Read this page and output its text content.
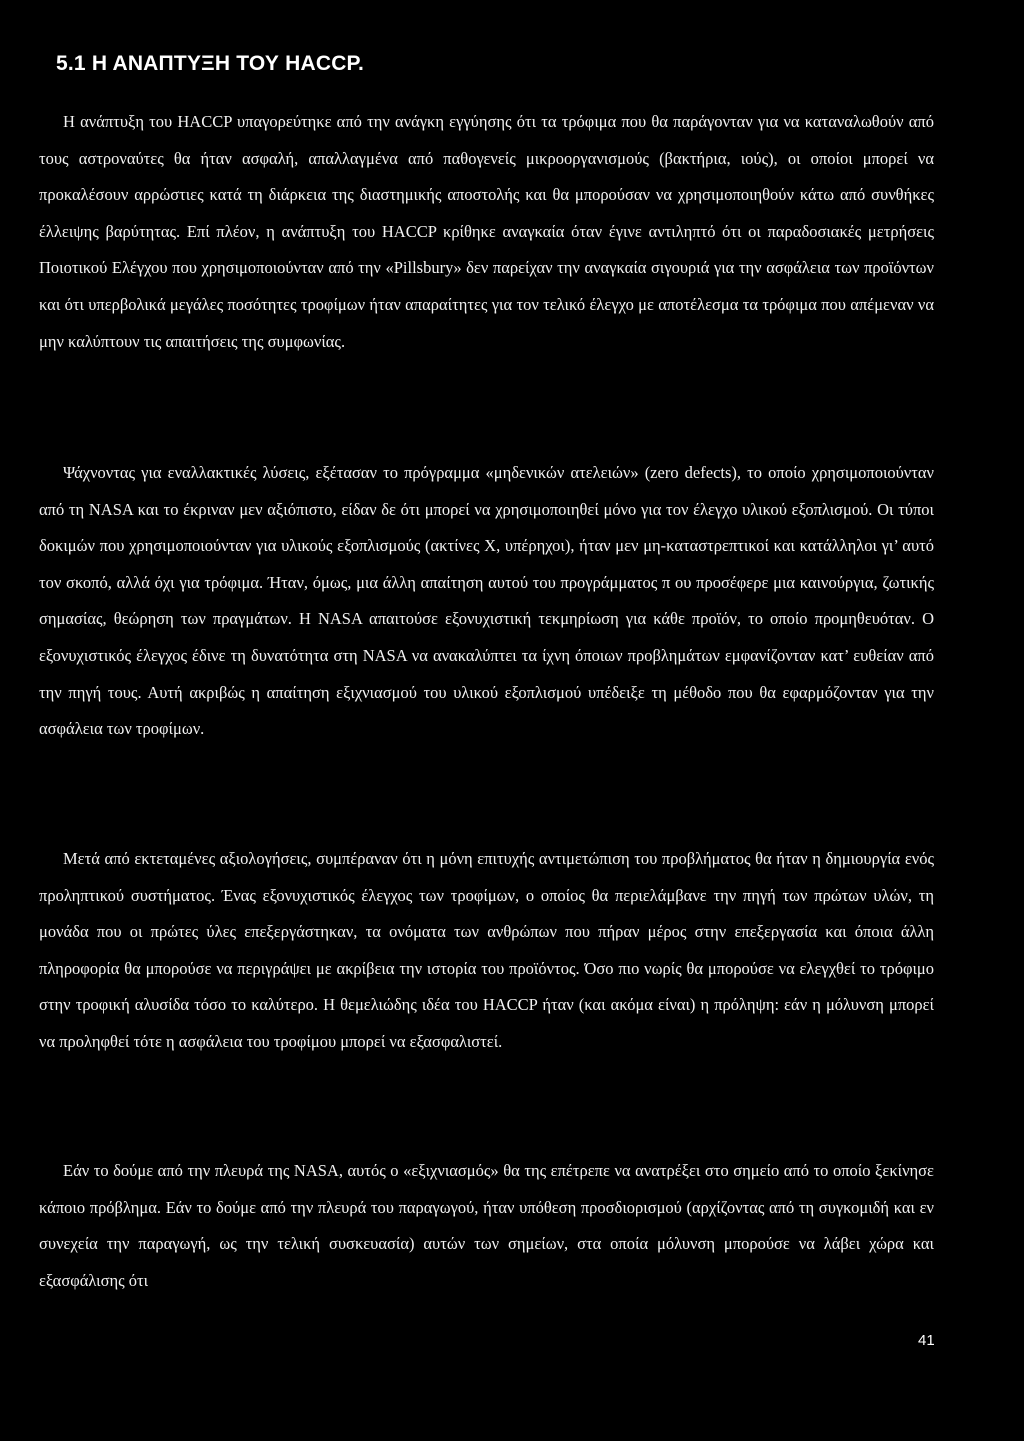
5.1 Η ΑΝΑΠΤΥΞΗ ΤΟΥ HACCP.

Η ανάπτυξη του HACCP υπαγορεύτηκε από την ανάγκη εγγύησης ότι τα τρόφιμα που θα παράγονταν για να καταναλωθούν από τους αστροναύτες θα ήταν ασφαλή, απαλλαγμένα από παθογενείς μικροοργανισμούς (βακτήρια, ιούς), οι οποίοι μπορεί να προκαλέσουν αρρώστιες κατά τη διάρκεια της διαστημικής αποστολής και θα μπορούσαν να χρησιμοποιηθούν κάτω από συνθήκες έλλειψης βαρύτητας. Επί πλέον, η ανάπτυξη του HACCP κρίθηκε αναγκαία όταν έγινε αντιληπτό ότι οι παραδοσιακές μετρήσεις Ποιοτικού Ελέγχου που χρησιμοποιούνταν από την «Pillsbury» δεν παρείχαν την αναγκαία σιγουριά για την ασφάλεια των προϊόντων και ότι υπερβολικά μεγάλες ποσότητες τροφίμων ήταν απαραίτητες για τον τελικό έλεγχο με αποτέλεσμα τα τρόφιμα που απέμεναν να μην καλύπτουν τις απαιτήσεις της συμφωνίας.

Ψάχνοντας για εναλλακτικές λύσεις, εξέτασαν το πρόγραμμα «μηδενικών ατελειών» (zero defects), το οποίο χρησιμοποιούνταν από τη NASA και το έκριναν μεν αξιόπιστο, είδαν δε ότι μπορεί να χρησιμοποιηθεί μόνο για τον έλεγχο υλικού εξοπλισμού. Οι τύποι δοκιμών που χρησιμοποιούνταν για υλικούς εξοπλισμούς (ακτίνες Χ, υπέρηχοι), ήταν μεν μη-καταστρεπτικοί και κατάλληλοι γι’ αυτό τον σκοπό, αλλά όχι για τρόφιμα. Ήταν, όμως, μια άλλη απαίτηση αυτού του προγράμματος π ου προσέφερε μια καινούργια, ζωτικής σημασίας, θεώρηση των πραγμάτων. Η NASA απαιτούσε εξονυχιστική τεκμηρίωση για κάθε προϊόν, το οποίο προμηθευόταν. Ο εξονυχιστικός έλεγχος έδινε τη δυνατότητα στη NASA να ανακαλύπτει τα ίχνη όποιων προβλημάτων εμφανίζονταν κατ’ ευθείαν από την πηγή τους. Αυτή ακριβώς η απαίτηση εξιχνιασμού του υλικού εξοπλισμού υπέδειξε τη μέθοδο που θα εφαρμόζονταν για την ασφάλεια των τροφίμων.

Μετά από εκτεταμένες αξιολογήσεις, συμπέραναν ότι η μόνη επιτυχής αντιμετώπιση του προβλήματος θα ήταν η δημιουργία ενός προληπτικού συστήματος. Ένας εξονυχιστικός έλεγχος των τροφίμων, ο οποίος θα περιελάμβανε την πηγή των πρώτων υλών, τη μονάδα που οι πρώτες ύλες επεξεργάστηκαν, τα ονόματα των ανθρώπων που πήραν μέρος στην επεξεργασία και όποια άλλη πληροφορία θα μπορούσε να περιγράψει με ακρίβεια την ιστορία του προϊόντος. Όσο πιο νωρίς θα μπορούσε να ελεγχθεί το τρόφιμο στην τροφική αλυσίδα τόσο το καλύτερο. Η θεμελιώδης ιδέα του HACCP ήταν (και ακόμα είναι) η πρόληψη: εάν η μόλυνση μπορεί να προληφθεί τότε η ασφάλεια του τροφίμου μπορεί να εξασφαλιστεί.

Εάν το δούμε από την πλευρά της NASA, αυτός ο «εξιχνιασμός» θα της επέτρεπε να ανατρέξει στο σημείο από το οποίο ξεκίνησε κάποιο πρόβλημα. Εάν το δούμε από την πλευρά του παραγωγού, ήταν υπόθεση προσδιορισμού (αρχίζοντας από τη συγκομιδή και εν συνεχεία την παραγωγή, ως την τελική συσκευασία) αυτών των σημείων, στα οποία μόλυνση μπορούσε να λάβει χώρα και εξασφάλισης ότι

41
